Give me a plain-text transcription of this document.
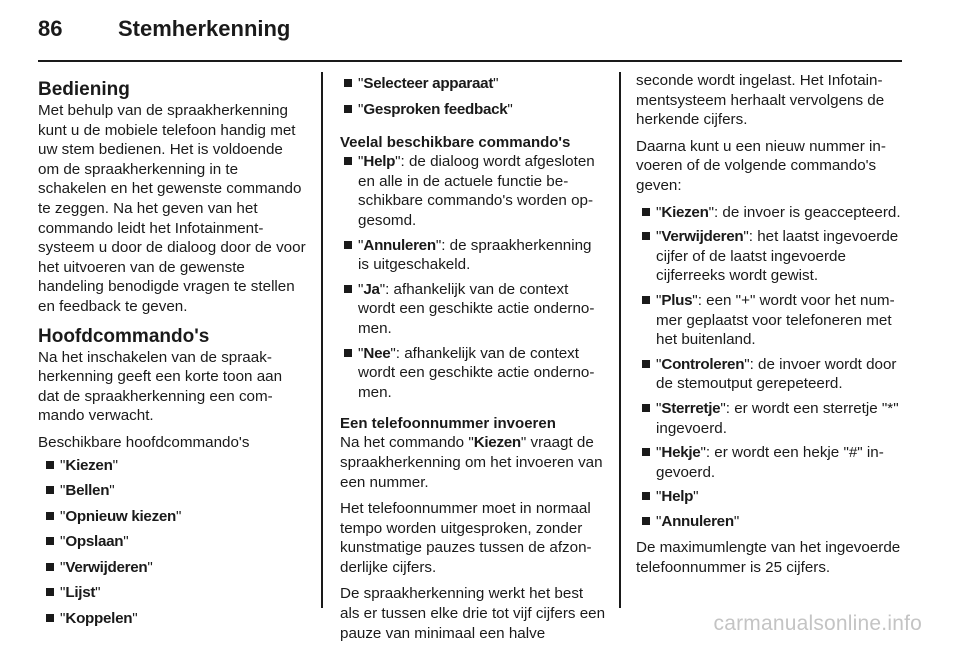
86	Stemherkenning
Bediening

Met behulp van de spraakherkenning kunt u de mobiele telefoon handig met uw stem bedienen. Het is voldoende om de spraakherkenning in te schakelen en het gewenste commando te zeggen. Na het geven van het commando leidt het Infotainmentsysteem u door de dialoog door de voor het uitvoeren van de gewenste handeling benodigde vragen te stellen en feedback te geven.

Hoofdcommando's

Na het inschakelen van de spraakherkenning geeft een korte toon aan dat de spraakherkenning een commando verwacht.

Beschikbare hoofdcommando's

"Kiezen"
"Bellen"
"Opnieuw kiezen"
"Opslaan"
"Verwijderen"
"Lijst"
"Koppelen"
"Selecteer apparaat"
"Gesproken feedback"
Veelal beschikbare commando's
"Help": de dialoog wordt afgesloten en alle in de actuele functie beschikbare commando's worden opgesomd.
"Annuleren": de spraakherkenning is uitgeschakeld.
"Ja": afhankelijk van de context wordt een geschikte actie ondernomen.
"Nee": afhankelijk van de context wordt een geschikte actie ondernomen.
Een telefoonnummer invoeren

Na het commando "Kiezen" vraagt de spraakherkenning om het invoeren van een nummer.

Het telefoonnummer moet in normaal tempo worden uitgesproken, zonder kunstmatige pauzes tussen de afzonderlijke cijfers.

De spraakherkenning werkt het best als er tussen elke drie tot vijf cijfers een pauze van minimaal een halve

seconde wordt ingelast. Het Infotainmentsysteem herhaalt vervolgens de herkende cijfers.

Daarna kunt u een nieuw nummer invoeren of de volgende commando's geven:

"Kiezen": de invoer is geaccepteerd.
"Verwijderen": het laatst ingevoerde cijfer of de laatst ingevoerde cijferreeks wordt gewist.
"Plus": een "+" wordt voor het nummer geplaatst voor telefoneren met het buitenland.
"Controleren": de invoer wordt door de stemoutput gerepeteerd.
"Sterretje": er wordt een sterretje "*" ingevoerd.
"Hekje": er wordt een hekje "#" ingevoerd.
"Help"
"Annuleren"

De maximumlengte van het ingevoerde telefoonnummer is 25 cijfers.

carmanualsonline.info
